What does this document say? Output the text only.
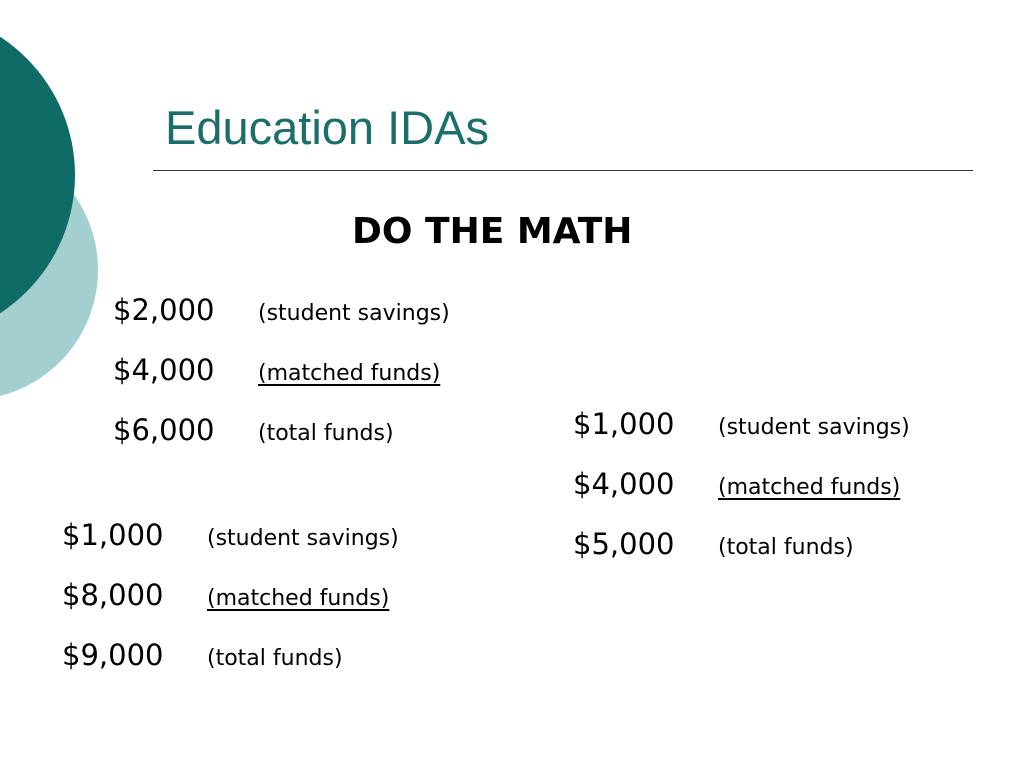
Education IDAs
DO THE MATH
$2,000 (student savings)
$4,000 (matched funds)
$6,000 (total funds)	$1,000 (student savings)
$4,000 (matched funds)
$5,000 (total funds)
$1,000 (student savings)
$8,000 (matched funds)
$9,000 (total funds)
